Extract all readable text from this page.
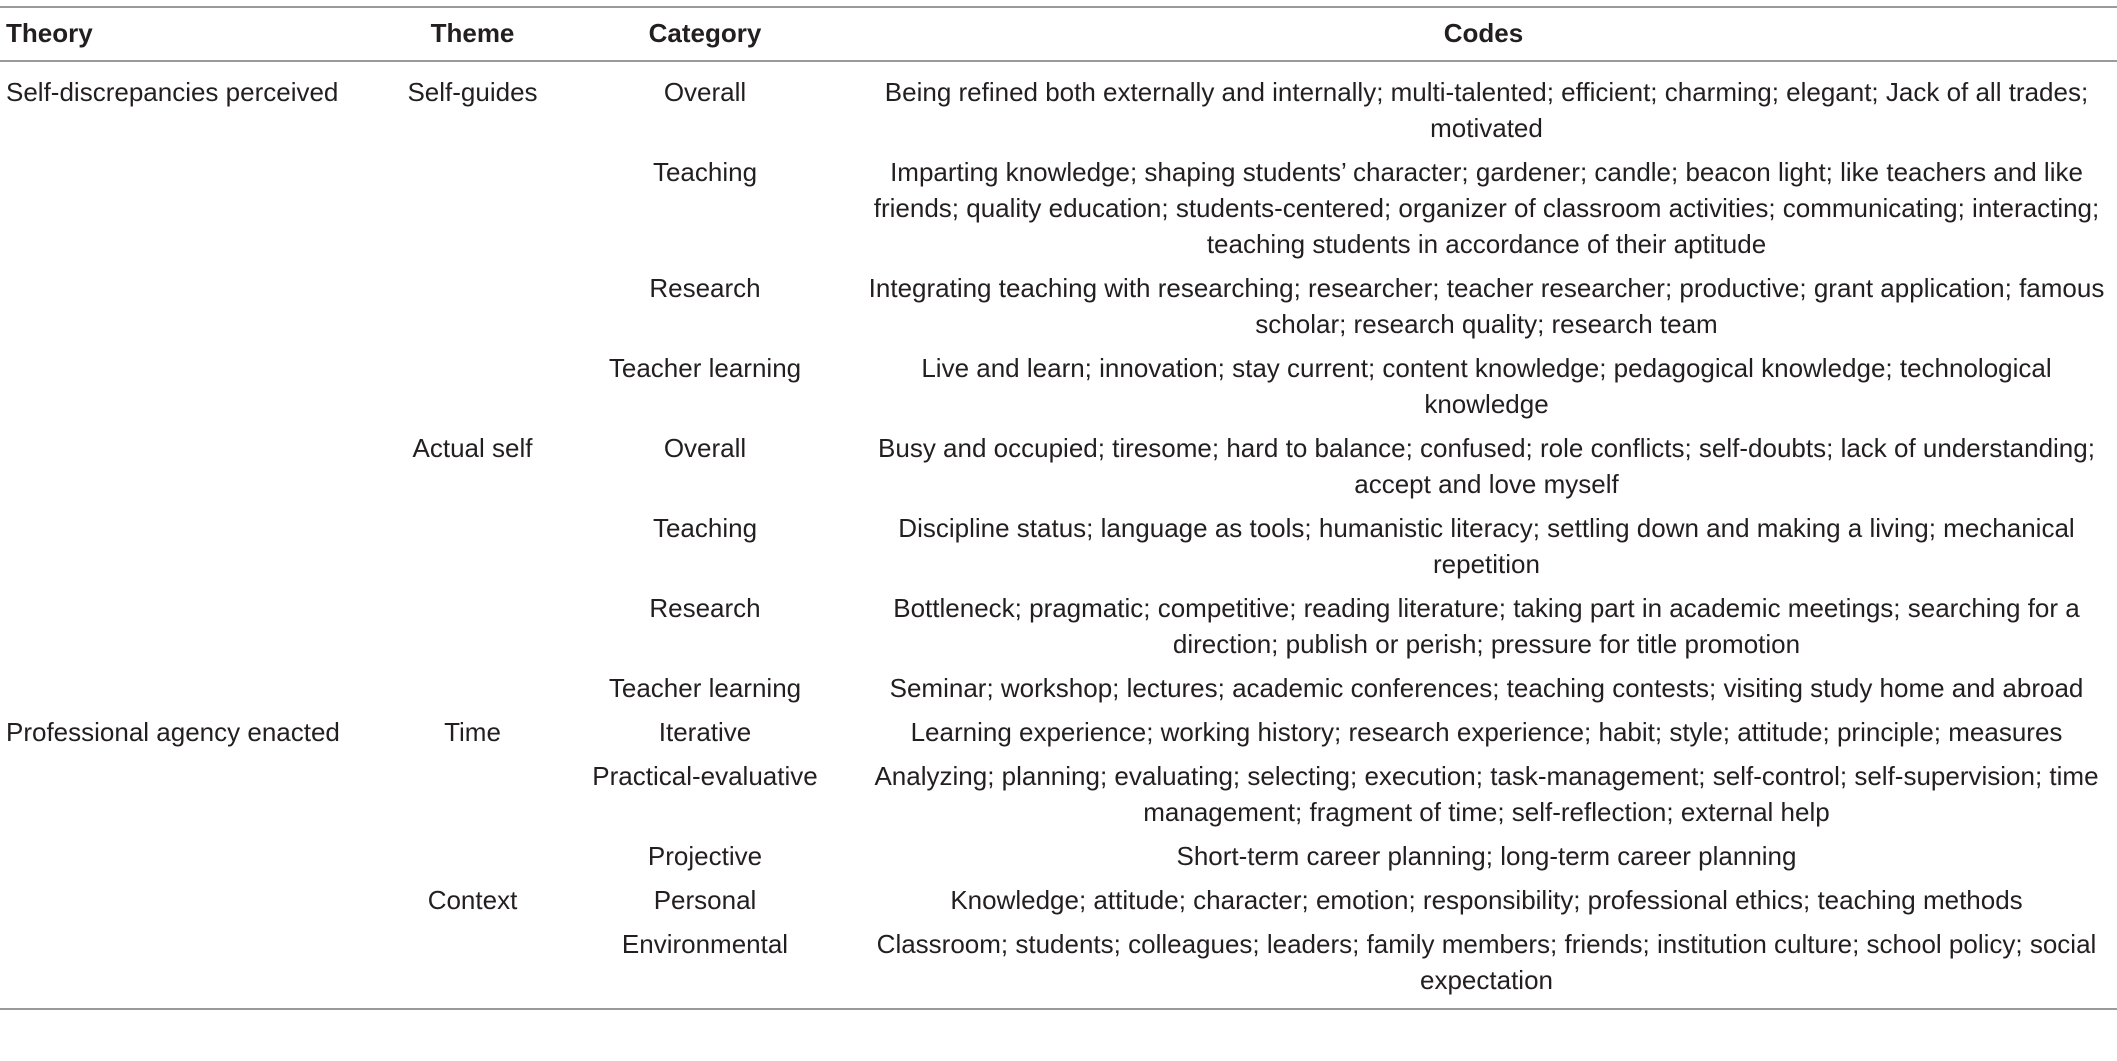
Theory	Theme	Category	Codes
Self-discrepancies perceived	Self-guides	Overall	Being refined both externally and internally; multi-talented; efficient; charming; elegant; Jack of all trades; motivated
		Teaching	Imparting knowledge; shaping students’ character; gardener; candle; beacon light; like teachers and like friends; quality education; students-centered; organizer of classroom activities; communicating; interacting; teaching students in accordance of their aptitude
		Research	Integrating teaching with researching; researcher; teacher researcher; productive; grant application; famous scholar; research quality; research team
		Teacher learning	Live and learn; innovation; stay current; content knowledge; pedagogical knowledge; technological knowledge
	Actual self	Overall	Busy and occupied; tiresome; hard to balance; confused; role conflicts; self-doubts; lack of understanding; accept and love myself
		Teaching	Discipline status; language as tools; humanistic literacy; settling down and making a living; mechanical repetition
		Research	Bottleneck; pragmatic; competitive; reading literature; taking part in academic meetings; searching for a direction; publish or perish; pressure for title promotion
		Teacher learning	Seminar; workshop; lectures; academic conferences; teaching contests; visiting study home and abroad
Professional agency enacted	Time	Iterative	Learning experience; working history; research experience; habit; style; attitude; principle; measures
		Practical-evaluative	Analyzing; planning; evaluating; selecting; execution; task-management; self-control; self-supervision; time management; fragment of time; self-reflection; external help
		Projective	Short-term career planning; long-term career planning
	Context	Personal	Knowledge; attitude; character; emotion; responsibility; professional ethics; teaching methods
		Environmental	Classroom; students; colleagues; leaders; family members; friends; institution culture; school policy; social expectation
